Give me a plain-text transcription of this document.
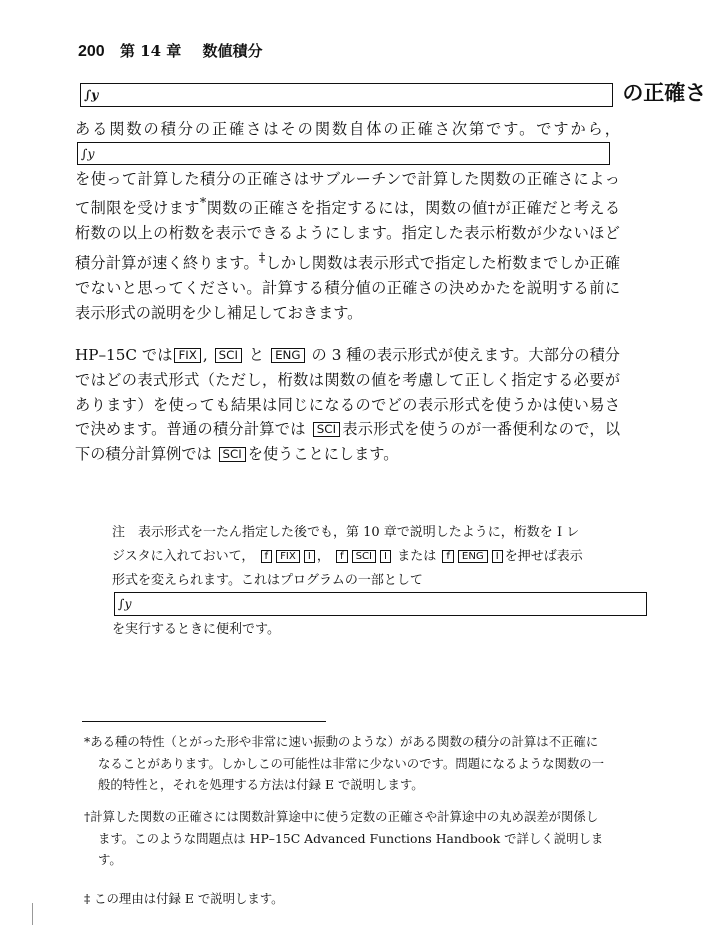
200 第 14 章 数値積分
∫y	の正確さ
ある関数の積分の正確さはその関数自体の正確さ次第です。ですから， ∫y を使って計算した積分の正確さはサブルーチンで計算した関数の正確さによって制限を受けます*関数の正確さを指定するには，関数の値†が正確だと考える桁数の以上の桁数を表示できるようにします。指定した表示桁数が少ないほど積分計算が速く終ります。‡しかし関数は表示形式で指定した桁数までしか正確でないと思ってください。計算する積分値の正確さの決めかたを説明する前に表示形式の説明を少し補足しておきます。
HP–15C では FIX , SCI と ENG の 3 種の表示形式が使えます。大部分の積分ではどの表式形式（ただし，桁数は関数の値を考慮して正しく指定する必要があります）を使っても結果は同じになるのでどの表示形式を使うかは使い易さで決めます。普通の積分計算では SCI 表示形式を使うのが一番便利なので，以下の積分計算例では SCI を使うことにします。
注　表示形式を一たん指定した後でも，第 10 章で説明したように，桁数を I レジスタに入れておいて， f FIX I ， f SCI I または f ENG I を押せば表示形式を変えられます。これはプログラムの一部として ∫y を実行するときに便利です。
*ある種の特性（とがった形や非常に速い振動のような）がある関数の積分の計算は不正確になることがあります。しかしこの可能性は非常に少ないのです。問題になるような関数の一般的特性と，それを処理する方法は付録 E で説明します。
†計算した関数の正確さには関数計算途中に使う定数の正確さや計算途中の丸め誤差が関係します。このような問題点は HP–15C Advanced Functions Handbook で詳しく説明します。
‡ この理由は付録 E で説明します。
